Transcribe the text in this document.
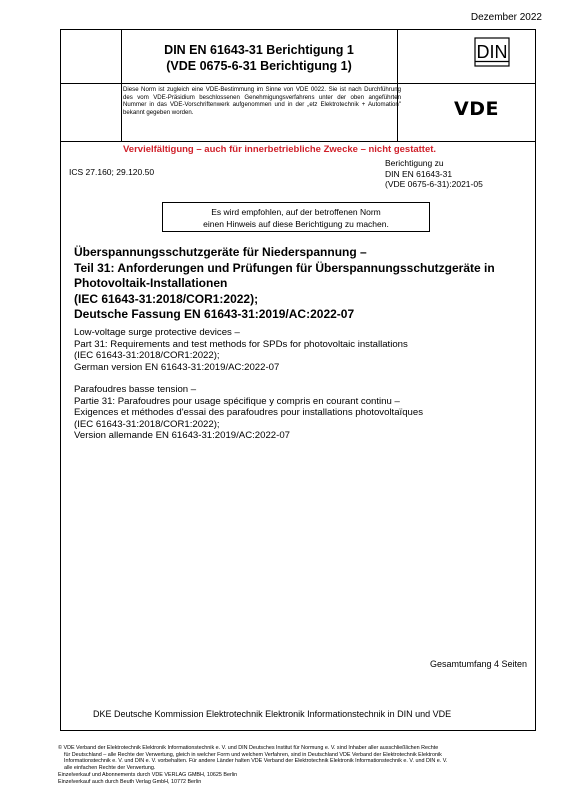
Dezember 2022
DIN EN 61643-31 Berichtigung 1
(VDE 0675-6-31 Berichtigung 1)
DIN
Diese Norm ist zugleich eine VDE-Bestimmung im Sinne von VDE 0022. Sie ist nach Durchführung des vom VDE-Präsidium beschlossenen Genehmigungsverfahrens unter der oben angeführten Nummer in das VDE-Vorschriftenwerk aufgenommen und in der „etz Elektrotechnik + Automation" bekannt gegeben worden.	VDE
Vervielfältigung – auch für innerbetriebliche Zwecke – nicht gestattet.
ICS 27.160; 29.120.50
Berichtigung zu
DIN EN 61643-31
(VDE 0675-6-31):2021-05
Es wird empfohlen, auf der betroffenen Norm
einen Hinweis auf diese Berichtigung zu machen.
Überspannungsschutzgeräte für Niederspannung –
Teil 31: Anforderungen und Prüfungen für Überspannungsschutzgeräte in
Photovoltaik-Installationen
(IEC 61643-31:2018/COR1:2022);
Deutsche Fassung EN 61643-31:2019/AC:2022-07
Low-voltage surge protective devices –
Part 31: Requirements and test methods for SPDs for photovoltaic installations
(IEC 61643-31:2018/COR1:2022);
German version EN 61643-31:2019/AC:2022-07
Parafoudres basse tension –
Partie 31: Parafoudres pour usage spécifique y compris en courant continu –
Exigences et méthodes d'essai des parafoudres pour installations photovoltaïques
(IEC 61643-31:2018/COR1:2022);
Version allemande EN 61643-31:2019/AC:2022-07
Gesamtumfang 4 Seiten
DKE Deutsche Kommission Elektrotechnik Elektronik Informationstechnik in DIN und VDE
© VDE Verband der Elektrotechnik Elektronik Informationstechnik e. V. und DIN Deutsches Institut für Normung e. V. sind Inhaber aller ausschließlichen Rechte
für Deutschland – alle Rechte der Verwertung, gleich in welcher Form und welchem Verfahren, sind in Deutschland VDE Verband der Elektrotechnik Elektronik
Informationstechnik e. V. und DIN e. V. vorbehalten. Für andere Länder halten VDE Verband der Elektrotechnik Elektronik Informationstechnik e. V. und DIN e. V.
alle einfachen Rechte der Verwertung.
Einzelverkauf und Abonnements durch VDE VERLAG GMBH, 10625 Berlin
Einzelverkauf auch durch Beuth Verlag GmbH, 10772 Berlin
